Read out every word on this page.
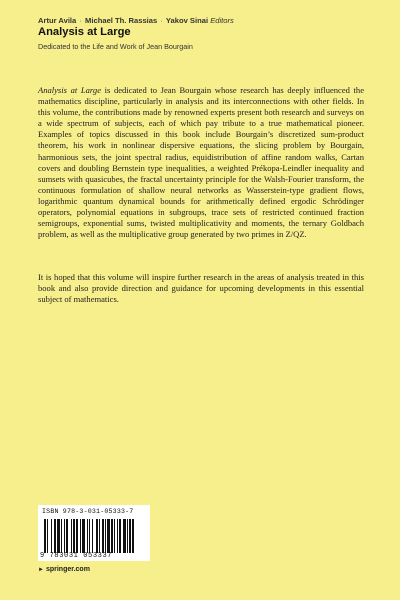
Artur Avila · Michael Th. Rassias · Yakov Sinai Editors
Analysis at Large
Dedicated to the Life and Work of Jean Bourgain

Analysis at Large is dedicated to Jean Bourgain whose research has deeply influenced the mathematics discipline, particularly in analysis and its interconnections with other fields. In this volume, the contributions made by renowned experts present both research and surveys on a wide spectrum of subjects, each of which pay tribute to a true mathematical pioneer. Examples of topics discussed in this book include Bourgain’s discretized sum-product theorem, his work in nonlinear dispersive equations, the slicing problem by Bourgain, harmonious sets, the joint spectral radius, equidistribution of affine random walks, Cartan covers and doubling Bernstein type inequalities, a weighted Prékopa-Leindler inequality and sumsets with quasicubes, the fractal uncertainty principle for the Walsh-Fourier transform, the continuous formulation of shallow neural networks as Wasserstein-type gradient flows, logarithmic quantum dynamical bounds for arithmetically defined ergodic Schrödinger operators, polynomial equations in subgroups, trace sets of restricted continued fraction semigroups, exponential sums, twisted multiplicativity and moments, the ternary Goldbach problem, as well as the multiplicative group generated by two primes in Z/QZ.

It is hoped that this volume will inspire further research in the areas of analysis treated in this book and also provide direction and guidance for upcoming developments in this essential subject of mathematics.

ISBN 978-3-031-05333-7
9 783031 053337
► springer.com
